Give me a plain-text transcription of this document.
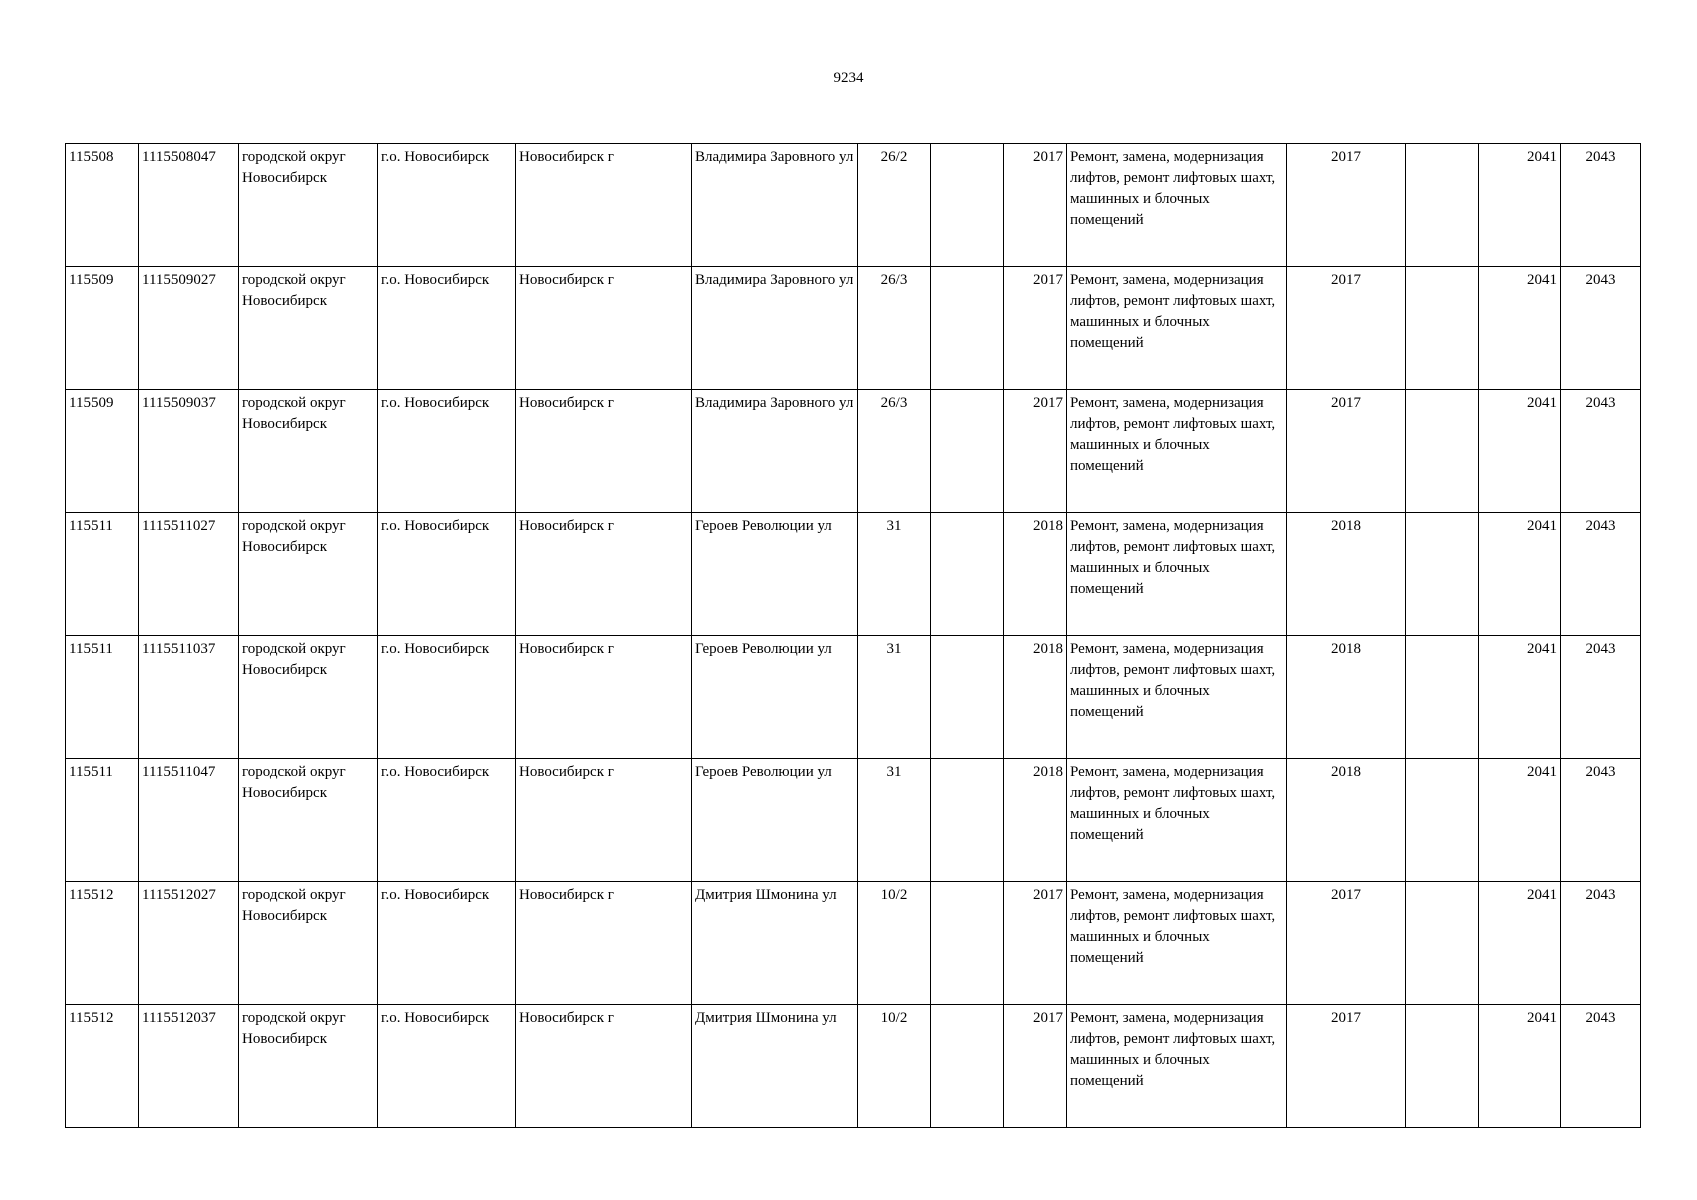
9234
115508	1115508047	городской округ Новосибирск	г.о. Новосибирск	Новосибирск г	Владимира Заровного ул	26/2		2017	Ремонт, замена, модернизация лифтов, ремонт лифтовых шахт, машинных и блочных помещений	2017		2041	2043
115509	1115509027	городской округ Новосибирск	г.о. Новосибирск	Новосибирск г	Владимира Заровного ул	26/3		2017	Ремонт, замена, модернизация лифтов, ремонт лифтовых шахт, машинных и блочных помещений	2017		2041	2043
115509	1115509037	городской округ Новосибирск	г.о. Новосибирск	Новосибирск г	Владимира Заровного ул	26/3		2017	Ремонт, замена, модернизация лифтов, ремонт лифтовых шахт, машинных и блочных помещений	2017		2041	2043
115511	1115511027	городской округ Новосибирск	г.о. Новосибирск	Новосибирск г	Героев Революции ул	31		2018	Ремонт, замена, модернизация лифтов, ремонт лифтовых шахт, машинных и блочных помещений	2018		2041	2043
115511	1115511037	городской округ Новосибирск	г.о. Новосибирск	Новосибирск г	Героев Революции ул	31		2018	Ремонт, замена, модернизация лифтов, ремонт лифтовых шахт, машинных и блочных помещений	2018		2041	2043
115511	1115511047	городской округ Новосибирск	г.о. Новосибирск	Новосибирск г	Героев Революции ул	31		2018	Ремонт, замена, модернизация лифтов, ремонт лифтовых шахт, машинных и блочных помещений	2018		2041	2043
115512	1115512027	городской округ Новосибирск	г.о. Новосибирск	Новосибирск г	Дмитрия Шмонина ул	10/2		2017	Ремонт, замена, модернизация лифтов, ремонт лифтовых шахт, машинных и блочных помещений	2017		2041	2043
115512	1115512037	городской округ Новосибирск	г.о. Новосибирск	Новосибирск г	Дмитрия Шмонина ул	10/2		2017	Ремонт, замена, модернизация лифтов, ремонт лифтовых шахт, машинных и блочных помещений	2017		2041	2043
